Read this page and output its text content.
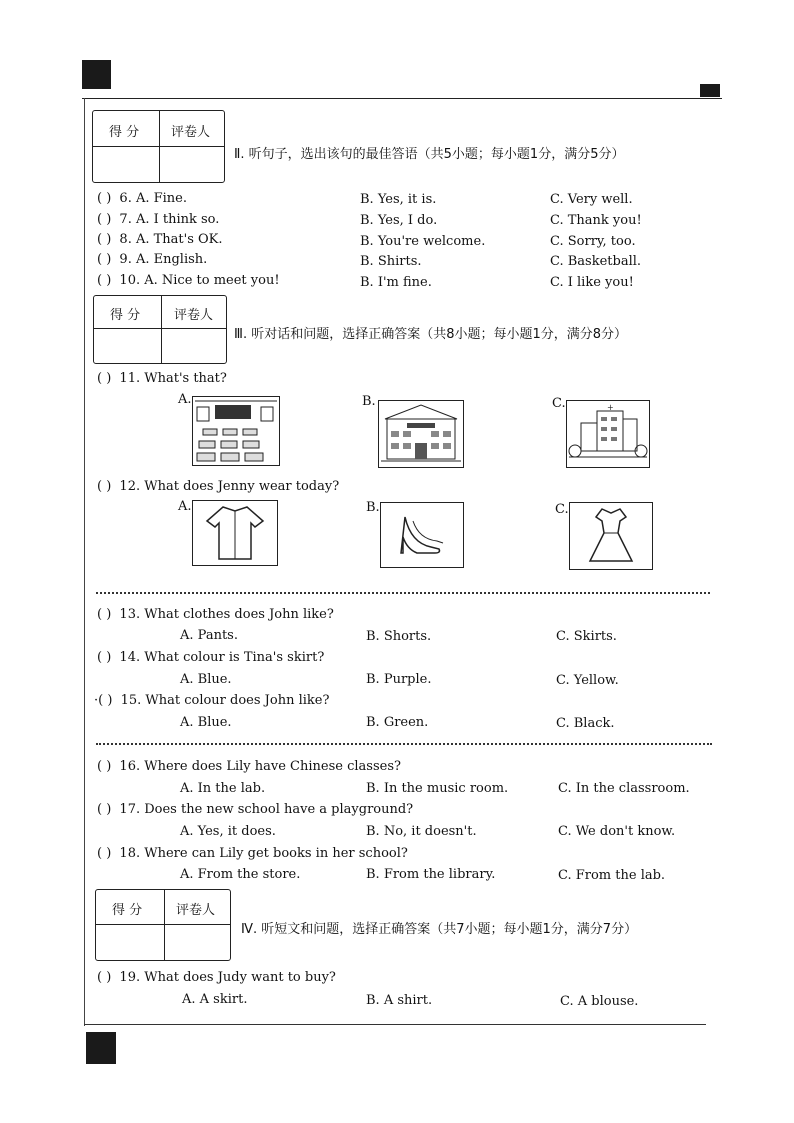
得 分 评卷人
Ⅱ. 听句子，选出该句的最佳答语（共5小题；每小题1分，满分5分）
( ) 6. A. Fine.	B. Yes, it is.	C. Very well.
( ) 7. A. I think so.	B. Yes, I do.	C. Thank you!
( ) 8. A. That's OK.	B. You're welcome.	C. Sorry, too.
( ) 9. A. English.	B. Shirts.	C. Basketball.
( ) 10. A. Nice to meet you!	B. I'm fine.	C. I like you!
得 分	评卷人
Ⅲ. 听对话和问题，选择正确答案（共8小题；每小题1分，满分8分）
( ) 11. What's that?
A.	B.	C.	+
( ) 12. What does Jenny wear today?
A.	B.	C.
( ) 13. What clothes does John like?
A. Pants.	B. Shorts.	C. Skirts.
( ) 14. What colour is Tina's skirt?
A. Blue.	B. Purple.	C. Yellow.
·( ) 15. What colour does John like?
A. Blue.	B. Green.	C. Black.
( ) 16. Where does Lily have Chinese classes?
A. In the lab.	B. In the music room.	C. In the classroom.
( ) 17. Does the new school have a playground?
A. Yes, it does.	B. No, it doesn't.	C. We don't know.
( ) 18. Where can Lily get books in her school?
A. From the store.	B. From the library.	C. From the lab.
得 分	评卷人
Ⅳ. 听短文和问题，选择正确答案（共7小题；每小题1分，满分7分）
( ) 19. What does Judy want to buy?
A. A skirt.	B. A shirt.	C. A blouse.
